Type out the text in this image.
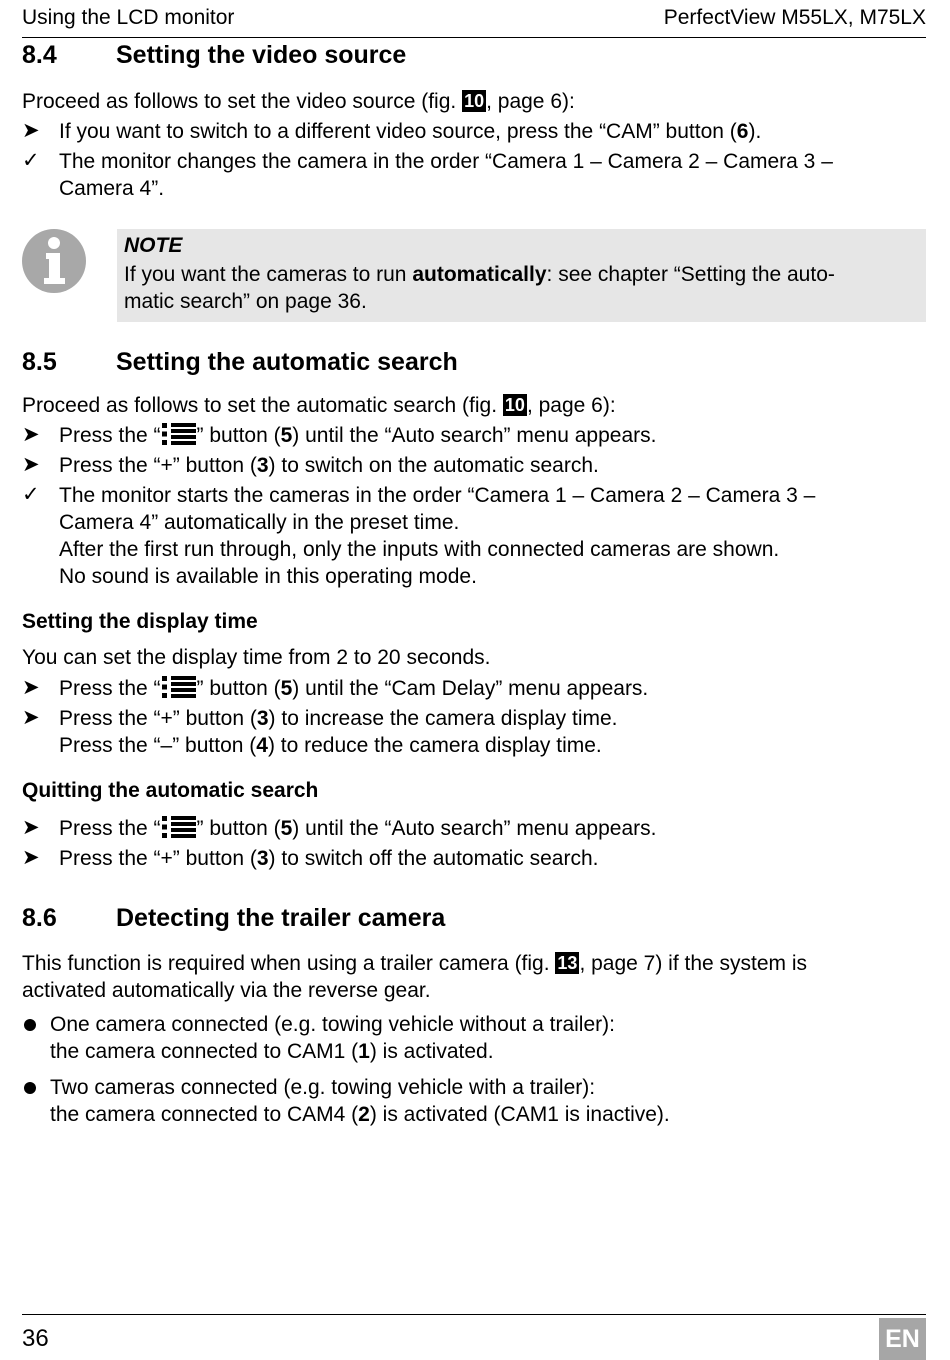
Using the LCD monitor	PerfectView M55LX, M75LX
8.4 Setting the video source
Proceed as follows to set the video source (fig. 10, page 6):
➤ If you want to switch to a different video source, press the “CAM” button (6).
✓ The monitor changes the camera in the order “Camera 1 – Camera 2 – Camera 3 –
Camera 4”.
NOTE
If you want the cameras to run automatically: see chapter “Setting the auto-
matic search” on page 36.
8.5 Setting the automatic search
Proceed as follows to set the automatic search (fig. 10, page 6):
➤ Press the “ ” button (5) until the “Auto search” menu appears.
➤ Press the “+” button (3) to switch on the automatic search.
✓ The monitor starts the cameras in the order “Camera 1 – Camera 2 – Camera 3 –
Camera 4” automatically in the preset time.
After the first run through, only the inputs with connected cameras are shown.
No sound is available in this operating mode.
Setting the display time
You can set the display time from 2 to 20 seconds.
➤ Press the “ ” button (5) until the “Cam Delay” menu appears.
➤ Press the “+” button (3) to increase the camera display time.
Press the “–” button (4) to reduce the camera display time.
Quitting the automatic search
➤ Press the “ ” button (5) until the “Auto search” menu appears.
➤ Press the “+” button (3) to switch off the automatic search.
8.6 Detecting the trailer camera
This function is required when using a trailer camera (fig. 13, page 7) if the system is
activated automatically via the reverse gear.
One camera connected (e.g. towing vehicle without a trailer):
the camera connected to CAM1 (1) is activated.
Two cameras connected (e.g. towing vehicle with a trailer):
the camera connected to CAM4 (2) is activated (CAM1 is inactive).
36	EN
